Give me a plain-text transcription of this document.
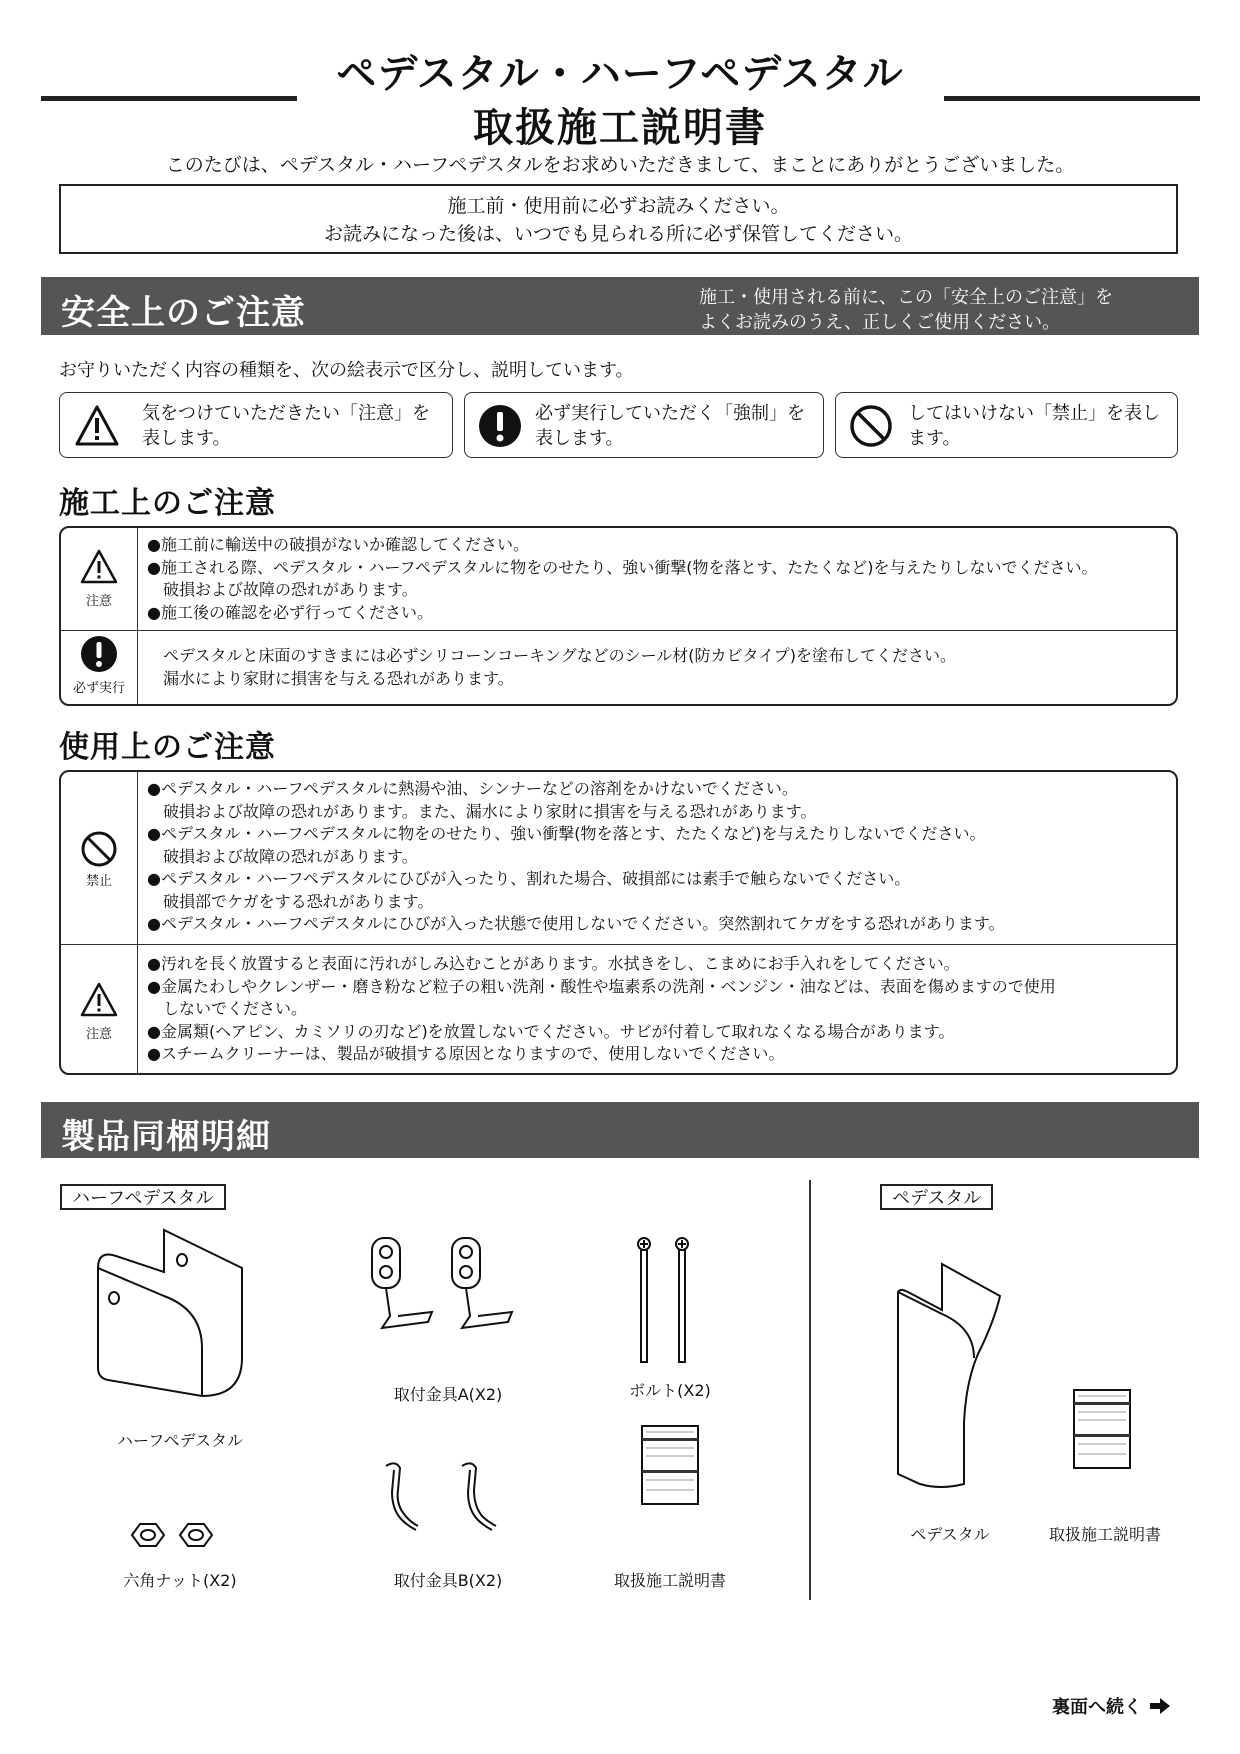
ペデスタル・ハーフペデスタル
取扱施工説明書
このたびは、ペデスタル・ハーフペデスタルをお求めいただきまして、まことにありがとうございました。
施工前・使用前に必ずお読みください。
お読みになった後は、いつでも見られる所に必ず保管してください。
安全上のご注意	施工・使用される前に、この「安全上のご注意」を
よくお読みのうえ、正しくご使用ください。
お守りいただく内容の種類を、次の絵表示で区分し、説明しています。
気をつけていただきたい「注意」を
表します。
必ず実行していただく「強制」を
表します。
してはいけない「禁止」を表し
ます。
施工上のご注意
注意
●施工前に輸送中の破損がないか確認してください。
●施工される際、ペデスタル・ハーフペデスタルに物をのせたり、強い衝撃(物を落とす、たたくなど)を与えたりしないでください。
破損および故障の恐れがあります。
●施工後の確認を必ず行ってください。
必ず実行
ペデスタルと床面のすきまには必ずシリコーンコーキングなどのシール材(防カビタイプ)を塗布してください。
漏水により家財に損害を与える恐れがあります。
使用上のご注意
禁止
●ペデスタル・ハーフペデスタルに熱湯や油、シンナーなどの溶剤をかけないでください。
破損および故障の恐れがあります。また、漏水により家財に損害を与える恐れがあります。
●ペデスタル・ハーフペデスタルに物をのせたり、強い衝撃(物を落とす、たたくなど)を与えたりしないでください。
破損および故障の恐れがあります。
●ペデスタル・ハーフペデスタルにひびが入ったり、割れた場合、破損部には素手で触らないでください。
破損部でケガをする恐れがあります。
●ペデスタル・ハーフペデスタルにひびが入った状態で使用しないでください。突然割れてケガをする恐れがあります。
注意
●汚れを長く放置すると表面に汚れがしみ込むことがあります。水拭きをし、こまめにお手入れをしてください。
●金属たわしやクレンザー・磨き粉など粒子の粗い洗剤・酸性や塩素系の洗剤・ベンジン・油などは、表面を傷めますので使用
しないでください。
●金属類(ヘアピン、カミソリの刃など)を放置しないでください。サビが付着して取れなくなる場合があります。
●スチームクリーナーは、製品が破損する原因となりますので、使用しないでください。
製品同梱明細
ハーフペデスタル	ペデスタル
ハーフペデスタル
取付金具A(X2)	ボルト(X2)
六角ナット(X2)	取付金具B(X2)	取扱施工説明書
ペデスタル	取扱施工説明書
裏面へ続く
